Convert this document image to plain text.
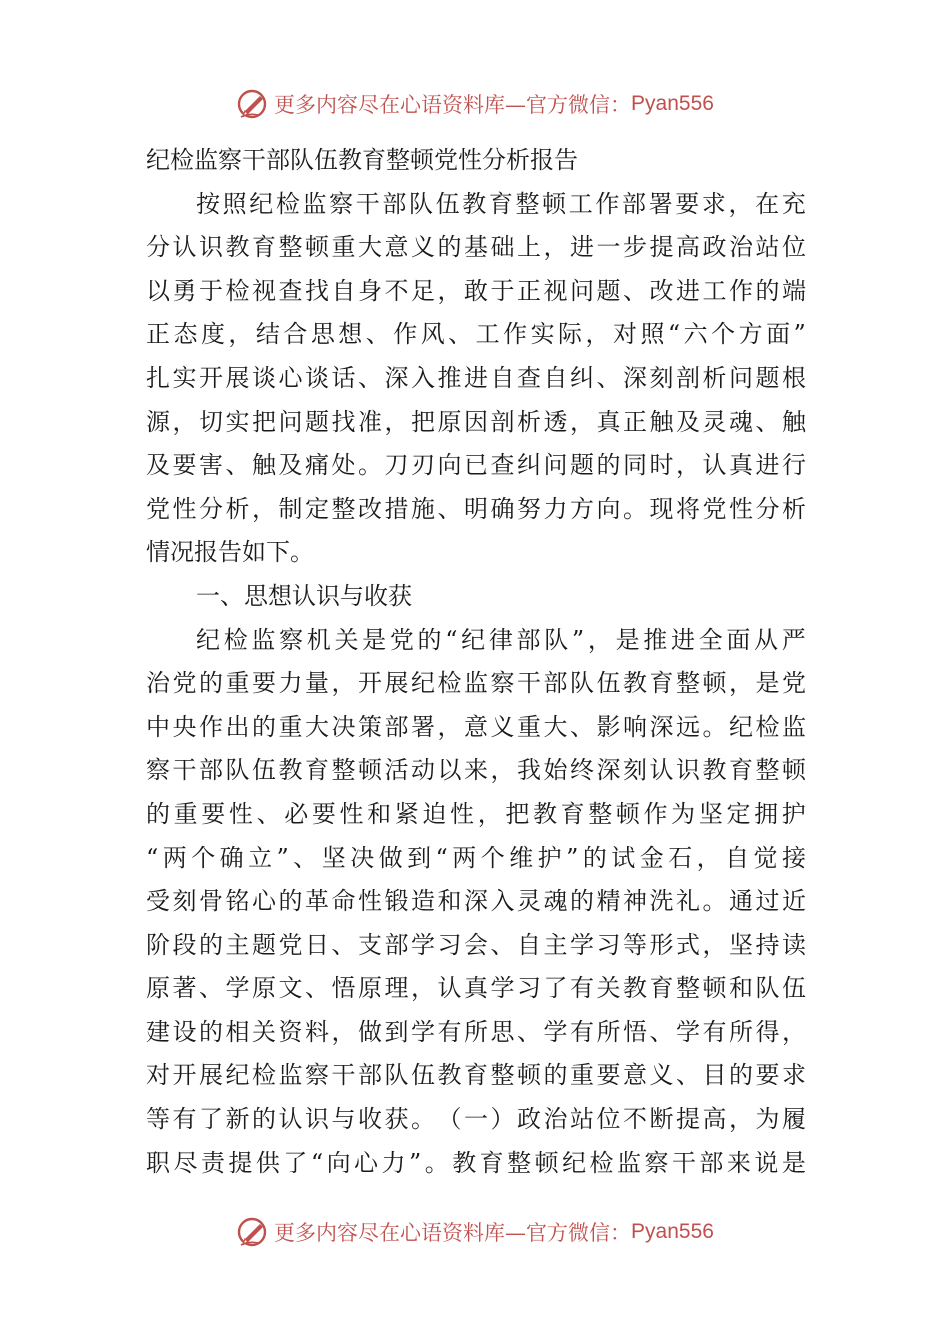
更多内容尽在心语资料库—官方微信： Pyan556
纪检监察干部队伍教育整顿党性分析报告
按 照 纪 检 监 察 干 部 队 伍 教 育 整 顿 工 作 部 署 要 求 ， 在 充
分 认 识 教 育 整 顿 重 大 意 义 的 基 础 上 ， 进 一 步 提 高 政 治 站 位
以 勇 于 检 视 查 找 自 身 不 足 ， 敢 于 正 视 问 题 、 改 进 工 作 的 端
正 态 度 ， 结 合 思 想 、 作 风 、 工 作 实 际 ， 对 照 “ 六 个 方 面 ”
扎 实 开 展 谈 心 谈 话 、 深 入 推 进 自 查 自 纠 、 深 刻 剖 析 问 题 根
源 ， 切 实 把 问 题 找 准 ， 把 原 因 剖 析 透 ， 真 正 触 及 灵 魂 、 触
及 要 害 、 触 及 痛 处 。 刀 刃 向 已 查 纠 问 题 的 同 时 ， 认 真 进 行
党 性 分 析 ， 制 定 整 改 措 施 、 明 确 努 力 方 向 。 现 将 党 性 分 析
情况报告如下。
一、思想认识与收获
纪 检 监 察 机 关 是 党 的 “ 纪 律 部 队 ” ， 是 推 进 全 面 从 严
治 党 的 重 要 力 量 ， 开 展 纪 检 监 察 干 部 队 伍 教 育 整 顿 ， 是 党
中 央 作 出 的 重 大 决 策 部 署 ， 意 义 重 大 、 影 响 深 远 。 纪 检 监
察 干 部 队 伍 教 育 整 顿 活 动 以 来 ， 我 始 终 深 刻 认 识 教 育 整 顿
的 重 要 性 、 必 要 性 和 紧 迫 性 ， 把 教 育 整 顿 作 为 坚 定 拥 护
“ 两 个 确 立 ” 、 坚 决 做 到 “ 两 个 维 护 ” 的 试 金 石 ， 自 觉 接
受 刻 骨 铭 心 的 革 命 性 锻 造 和 深 入 灵 魂 的 精 神 洗 礼 。 通 过 近
阶 段 的 主 题 党 日 、 支 部 学 习 会 、 自 主 学 习 等 形 式 ， 坚 持 读
原 著 、 学 原 文 、 悟 原 理 ， 认 真 学 习 了 有 关 教 育 整 顿 和 队 伍
建 设 的 相 关 资 料 ， 做 到 学 有 所 思 、 学 有 所 悟 、 学 有 所 得 ，
对 开 展 纪 检 监 察 干 部 队 伍 教 育 整 顿 的 重 要 意 义 、 目 的 要 求
等 有 了 新 的 认 识 与 收 获 。 （ 一 ） 政 治 站 位 不 断 提 高 ， 为 履
职 尽 责 提 供 了 “ 向 心 力 ” 。 教 育 整 顿 纪 检 监 察 干 部 来 说 是
更多内容尽在心语资料库—官方微信： Pyan556
